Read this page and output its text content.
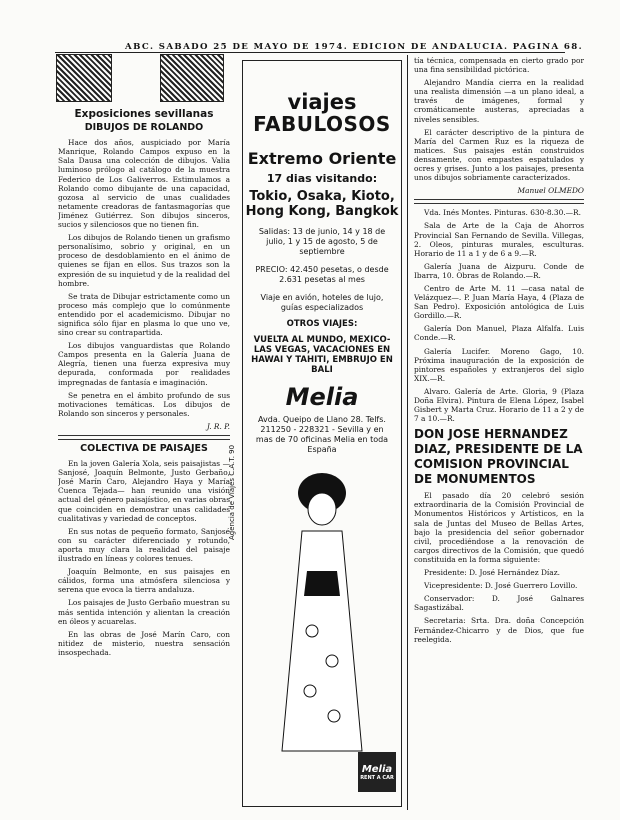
ABC. SABADO 25 DE MAYO DE 1974. EDICION DE ANDALUCIA. PAGINA 68.
Exposiciones sevillanas
DIBUJOS DE ROLANDO

Hace dos años, auspiciado por María Manrique, Rolando Campos expuso en la Sala Dausa una colección de dibujos. Valia luminoso prólogo al catálogo de la muestra Federico de Los Galiverros. Estimulamos a Rolando como dibujante de una capacidad, gozosa al servicio de unas cualidades netamente creadoras de fantasmagorías que Jiménez Gutiérrez. Son dibujos sinceros, sucios y silenciosos que no tienen fin.

Los dibujos de Rolando tienen un grafismo personalísimo, sobrio y original, en un proceso de desdoblamiento en el ánimo de quienes se fijan en ellos. Sus trazos son la expresión de su inquietud y de la realidad del hombre.

Se trata de Dibujar estrictamente como un proceso más complejo que lo comúnmente entendido por el academicismo. Dibujar no significa sólo fijar en plasma lo que uno ve, sino crear su contrapartida.

Los dibujos vanguardistas que Rolando Campos presenta en la Galería Juana de Alegría, tienen una fuerza expresiva muy depurada, conformada por realidades impregnadas de fantasía e imaginación.

Se penetra en el ámbito profundo de sus motivaciones temáticas. Los dibujos de Rolando son sinceros y personales.

J. R. P.

COLECTIVA DE PAISAJES

En la joven Galería Xola, seis paisajistas —Sanjosé, Joaquín Belmonte, Justo Gerbaño, José Marín Caro, Alejandro Haya y María Cuenca Tejada— han reunido una visión actual del género paisajístico, en varias obras que coinciden en demostrar unas calidades cualitativas y variedad de conceptos.

En sus notas de pequeño formato, Sanjosé con su carácter diferenciado y rotundo, aporta muy clara la realidad del paisaje ilustrado en líneas y colores tenues.

Joaquín Belmonte, en sus paisajes en cálidos, forma una atmósfera silenciosa y serena que evoca la tierra andaluza.

Los paisajes de Justo Gerbaño muestran su más sentida intención y alientan la creación en óleos y acuarelas.

En las obras de José Marín Caro, con nitidez de misterio, nuestra sensación insospechada.

viajes
FABULOSOS
Extremo Oriente
17 dias visitando:
Tokio, Osaka, Kioto, Hong Kong, Bangkok
Salidas: 13 de junio, 14 y 18 de julio, 1 y 15 de agosto, 5 de septiembre
PRECIO: 42.450 pesetas, o desde 2.631 pesetas al mes
Viaje en avión, hoteles de lujo, guías especializados
OTROS VIAJES:
VUELTA AL MUNDO, MEXICO-LAS VEGAS, VACACIONES EN HAWAI Y TAHITI, EMBRUJO EN BALI
Melia
Avda. Queipo de Llano 28. Telfs. 211250 - 228321 - Sevilla y en mas de 70 oficinas Melia en toda España
Melia
RENT A CAR
Agencia de Viajes C.A.T. 90

tía técnica, compensada en cierto grado por una fina sensibilidad pictórica.

Alejandro Mandía cierra en la realidad una realista dimensión —a un plano ideal, a través de imágenes, formal y cromáticamente austeras, apreciadas a niveles sensibles.

El carácter descriptivo de la pintura de María del Carmen Ruz es la riqueza de matices. Sus paisajes están construidos densamente, con empastes espatulados y ocres y grises. Junto a los paisajes, presenta unos dibujos sobriamente caracterizados.

Manuel OLMEDO

Vda. Inés Montes. Pinturas. 630-8.30.—R.

Sala de Arte de la Caja de Ahorros Provincial San Fernando de Sevilla. Villegas, 2. Oleos, pinturas murales, esculturas. Horario de 11 a 1 y de 6 a 9.—R.

Galería Juana de Aizpuru. Conde de Ibarra, 10. Obras de Rolando.—R.

Centro de Arte M. 11 —casa natal de Velázquez—. P. Juan María Haya, 4 (Plaza de San Pedro). Exposición antológica de Luis Gordillo.—R.

Galería Don Manuel, Plaza Alfalfa. Luis Conde.—R.

Galería Lucifer. Moreno Gago, 10. Próxima inauguración de la exposición de pintores españoles y extranjeros del siglo XIX.—R.

Alvaro. Galería de Arte. Gloria, 9 (Plaza Doña Elvira). Pintura de Elena López, Isabel Gisbert y Marta Cruz. Horario de 11 a 2 y de 7 a 10.—R.

DON JOSE HERNANDEZ DIAZ, PRESIDENTE DE LA COMISION PROVINCIAL DE MONUMENTOS

El pasado día 20 celebró sesión extraordinaria de la Comisión Provincial de Monumentos Históricos y Artísticos, en la sala de Juntas del Museo de Bellas Artes, bajo la presidencia del señor gobernador civil, procediéndose a la renovación de cargos directivos de la Comisión, que quedó constituida en la forma siguiente:

Presidente: D. José Hernández Díaz.

Vicepresidente: D. José Guerrero Lovillo.

Conservador: D. José Galnares Sagastizábal.

Secretaria: Srta. Dra. doña Concepción Fernández-Chicarro y de Dios, que fue reelegida.
